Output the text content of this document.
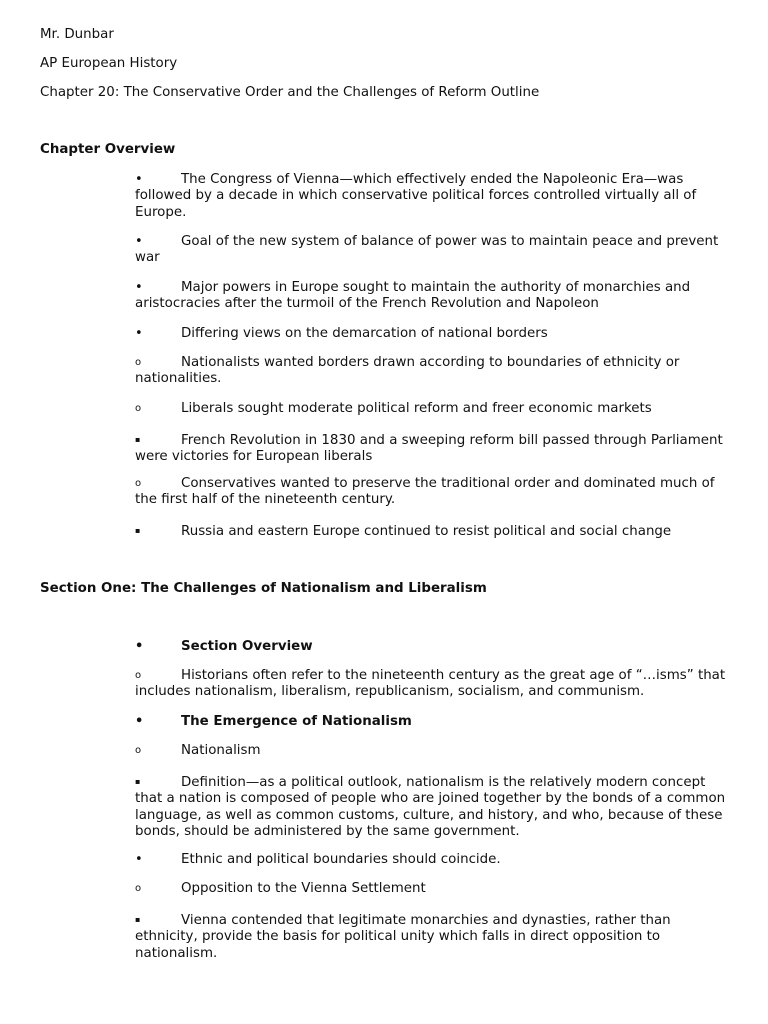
Mr. Dunbar
AP European History
Chapter 20: The Conservative Order and the Challenges of Reform Outline
Chapter Overview
•	The Congress of Vienna—which effectively ended the Napoleonic Era—was followed by a decade in which conservative political forces controlled virtually all of Europe.
•	Goal of the new system of balance of power was to maintain peace and prevent war
•	Major powers in Europe sought to maintain the authority of monarchies and aristocracies after the turmoil of the French Revolution and Napoleon
•	Differing views on the demarcation of national borders
o	Nationalists wanted borders drawn according to boundaries of ethnicity or nationalities.
o	Liberals sought moderate political reform and freer economic markets
▪	French Revolution in 1830 and a sweeping reform bill passed through Parliament were victories for European liberals
o	Conservatives wanted to preserve the traditional order and dominated much of the first half of the nineteenth century.
▪	Russia and eastern Europe continued to resist political and social change
Section One: The Challenges of Nationalism and Liberalism
•	Section Overview
o	Historians often refer to the nineteenth century as the great age of “…isms” that includes nationalism, liberalism, republicanism, socialism, and communism.
•	The Emergence of Nationalism
o	Nationalism
▪	Definition—as a political outlook, nationalism is the relatively modern concept that a nation is composed of people who are joined together by the bonds of a common language, as well as common customs, culture, and history, and who, because of these bonds, should be administered by the same government.
•	Ethnic and political boundaries should coincide.
o	Opposition to the Vienna Settlement
▪	Vienna contended that legitimate monarchies and dynasties, rather than ethnicity, provide the basis for political unity which falls in direct opposition to nationalism.
